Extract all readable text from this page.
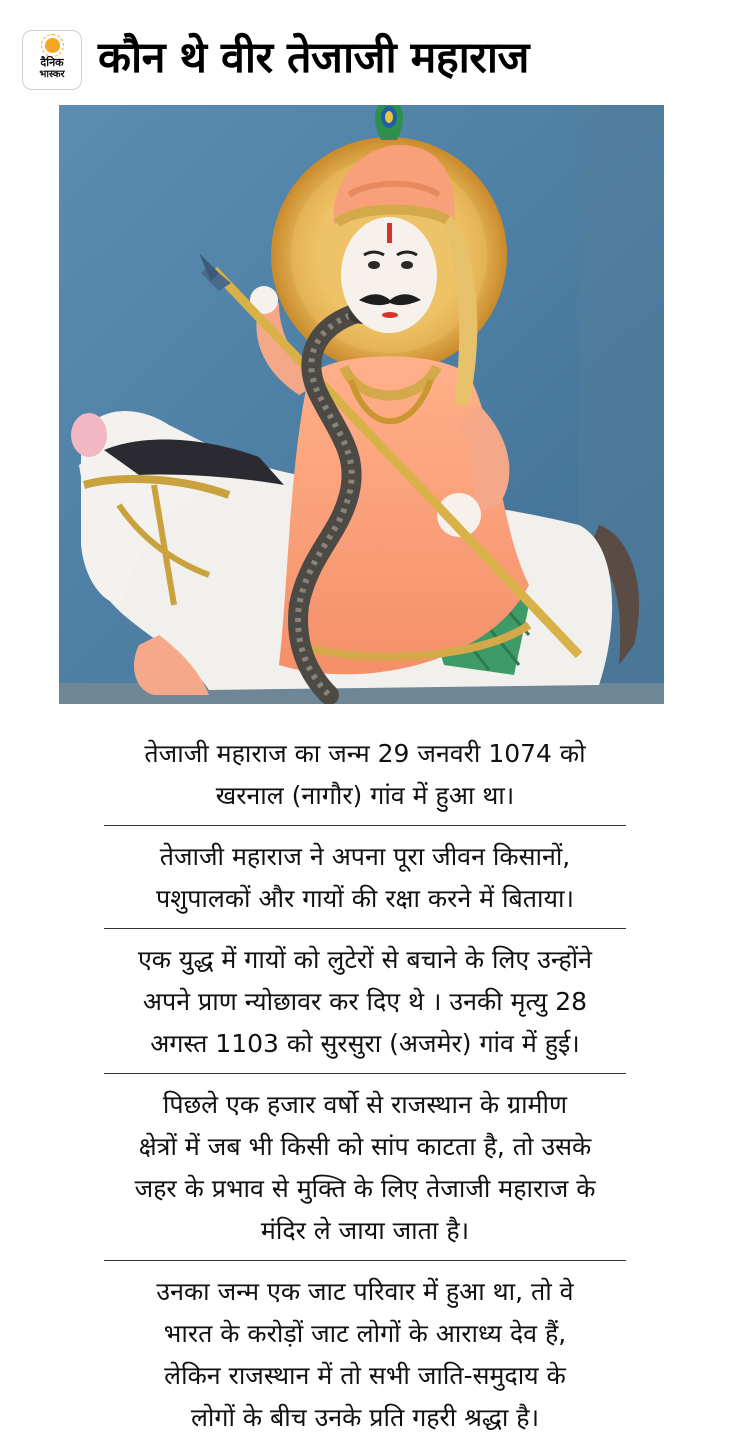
दैनिक
भास्कर कौन थे वीर तेजाजी महाराज
तेजाजी महाराज का जन्म 29 जनवरी 1074 को
खरनाल (नागौर) गांव में हुआ था।
तेजाजी महाराज ने अपना पूरा जीवन किसानों,
पशुपालकों और गायों की रक्षा करने में बिताया।
एक युद्ध में गायों को लुटेरों से बचाने के लिए उन्होंने
अपने प्राण न्योछावर कर दिए थे । उनकी मृत्यु 28
अगस्त 1103 को सुरसुरा (अजमेर) गांव में हुई।
पिछले एक हजार वर्षो से राजस्थान के ग्रामीण
क्षेत्रों में जब भी किसी को सांप काटता है, तो उसके
जहर के प्रभाव से मुक्ति के लिए तेजाजी महाराज के
मंदिर ले जाया जाता है।
उनका जन्म एक जाट परिवार में हुआ था, तो वे
भारत के करोड़ों जाट लोगों के आराध्य देव हैं,
लेकिन राजस्थान में तो सभी जाति-समुदाय के
लोगों के बीच उनके प्रति गहरी श्रद्धा है।
